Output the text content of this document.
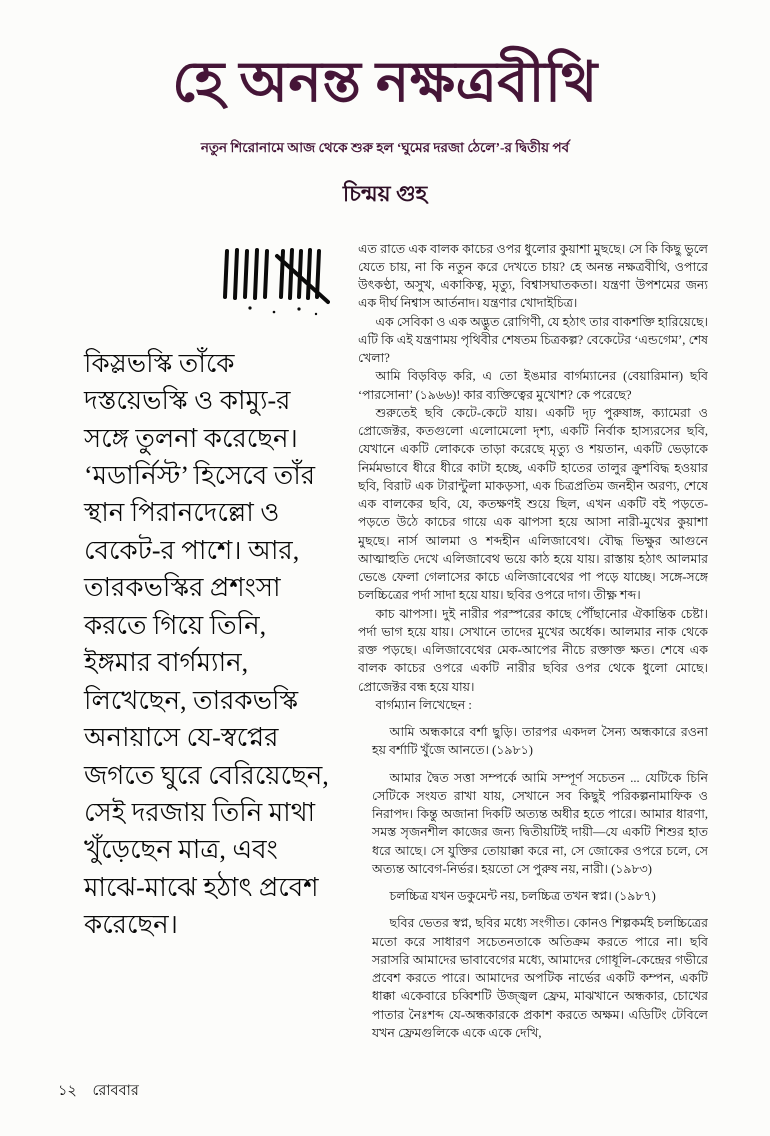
হে অনন্ত নক্ষত্রবীথি

নতুন শিরোনামে আজ থেকে শুরু হল ‘ঘুমের দরজা ঠেলে’-র দ্বিতীয় পর্ব

চিন্ময় গুহ

কিস্লভস্কি তাঁকে দস্তয়েভস্কি ও কাম্যু-র সঙ্গে তুলনা করেছেন। ‘মডার্নিস্ট’ হিসেবে তাঁর স্থান পিরানদেল্লো ও বেকেট-র পাশে। আর, তারকভস্কির প্রশংসা করতে গিয়ে তিনি, ইঙ্গমার বার্গম্যান, লিখেছেন, তারকভস্কি অনায়াসে যে-স্বপ্নের জগতে ঘুরে বেরিয়েছেন, সেই দরজায় তিনি মাথা খুঁড়েছেন মাত্র, এবং মাঝে-মাঝে হঠাৎ প্রবেশ করেছেন।

এত রাতে এক বালক কাচের ওপর ধুলোর কুয়াশা মুছছে। সে কি কিছু ভুলে যেতে চায়, না কি নতুন করে দেখতে চায়? হে অনন্ত নক্ষত্রবীথি, ওপারে উৎকণ্ঠা, অসুখ, একাকিত্ব, মৃত্যু, বিশ্বাসঘাতকতা। যন্ত্রণা উপশমের জন্য এক দীর্ঘ নিশ্বাস আর্তনাদ। যন্ত্রণার খোদাইচিত্র।

এক সেবিকা ও এক অদ্ভুত রোগিণী, যে হঠাৎ তার বাকশক্তি হারিয়েছে। এটি কি এই যন্ত্রণাময় পৃথিবীর শেষতম চিত্রকল্প? বেকেটের ‘এন্ডগেম’, শেষ খেলা?

আমি বিড়বিড় করি, এ তো ইঙমার বার্গম্যানের (বেয়ারিমান) ছবি ‘পারসোনা’ (১৯৬৬)! কার ব্যক্তিত্বের মুখোশ? কে পরেছে?

শুরুতেই ছবি কেটে-কেটে যায়। একটি দৃঢ় পুরুষাঙ্গ, ক্যামেরা ও প্রোজেক্টর, কতগুলো এলোমেলো দৃশ্য, একটি নির্বাক হাস্যরসের ছবি, যেখানে একটি লোককে তাড়া করেছে মৃত্যু ও শয়তান, একটি ভেড়াকে নির্মমভাবে ধীরে ধীরে কাটা হচ্ছে, একটি হাতের তালুর ক্রুশবিদ্ধ হওয়ার ছবি, বিরাট এক টারান্টুলা মাকড়সা, এক চিত্রপ্রতিম জনহীন অরণ্য, শেষে এক বালকের ছবি, যে, কতক্ষণই শুয়ে ছিল, এখন একটি বই পড়তে-পড়তে উঠে কাচের গায়ে এক ঝাপসা হয়ে আসা নারী-মুখের কুয়াশা মুছছে। নার্স আলমা ও শব্দহীন এলিজাবেথ। বৌদ্ধ ভিক্ষুর আগুনে আত্মাহুতি দেখে এলিজাবেথ ভয়ে কাঠ হয়ে যায়। রাস্তায় হঠাৎ আলমার ভেঙে ফেলা গেলাসের কাচে এলিজাবেথের পা পড়ে যাচ্ছে। সঙ্গে-সঙ্গে চলচ্চিত্রের পর্দা সাদা হয়ে যায়। ছবির ওপরে দাগ। তীক্ষ্ণ শব্দ।

কাচ ঝাপসা। দুই নারীর পরস্পরের কাছে পৌঁছানোর ঐকান্তিক চেষ্টা। পর্দা ভাগ হয়ে যায়। সেখানে তাদের মুখের অর্ধেক। আলমার নাক থেকে রক্ত পড়ছে। এলিজাবেথের মেক-আপের নীচে রক্তাক্ত ক্ষত। শেষে এক বালক কাচের ওপরে একটি নারীর ছবির ওপর থেকে ধুলো মোছে। প্রোজেক্টর বন্ধ হয়ে যায়।

বার্গম্যান লিখেছেন :

আমি অন্ধকারে বর্শা ছুড়ি। তারপর একদল সৈন্য অন্ধকারে রওনা হয় বর্শাটি খুঁজে আনতে। (১৯৮১)

আমার দ্বৈত সত্তা সম্পর্কে আমি সম্পূর্ণ সচেতন ... যেটিকে চিনি সেটিকে সংযত রাখা যায়, সেখানে সব কিছুই পরিকল্পনামাফিক ও নিরাপদ। কিন্তু অজানা দিকটি অত্যন্ত অধীর হতে পারে। আমার ধারণা, সমস্ত সৃজনশীল কাজের জন্য দ্বিতীয়টিই দায়ী—যে একটি শিশুর হাত ধরে আছে। সে যুক্তির তোয়াক্কা করে না, সে জোকের ওপরে চলে, সে অত্যন্ত আবেগ-নির্ভর। হয়তো সে পুরুষ নয়, নারী। (১৯৮৩)

চলচ্চিত্র যখন ডকুমেন্ট নয়, চলচ্চিত্র তখন স্বপ্ন। (১৯৮৭)

ছবির ভেতর স্বপ্ন, ছবির মধ্যে সংগীত। কোনও শিল্পকর্মই চলচ্চিত্রের মতো করে সাধারণ সচেতনতাকে অতিক্রম করতে পারে না। ছবি সরাসরি আমাদের ভাবাবেগের মধ্যে, আমাদের গোধূলি-কেন্দ্রের গভীরে প্রবেশ করতে পারে। আমাদের অপটিক নার্ভের একটি কম্পন, একটি ধাক্কা একেবারে চব্বিশটি উজ্জ্বল ফ্রেম, মাঝখানে অন্ধকার, চোখের পাতার নৈঃশব্দ যে-অন্ধকারকে প্রকাশ করতে অক্ষম। এডিটিং টেবিলে যখন ফ্রেমগুলিকে একে একে দেখি,

১২ রোববার
